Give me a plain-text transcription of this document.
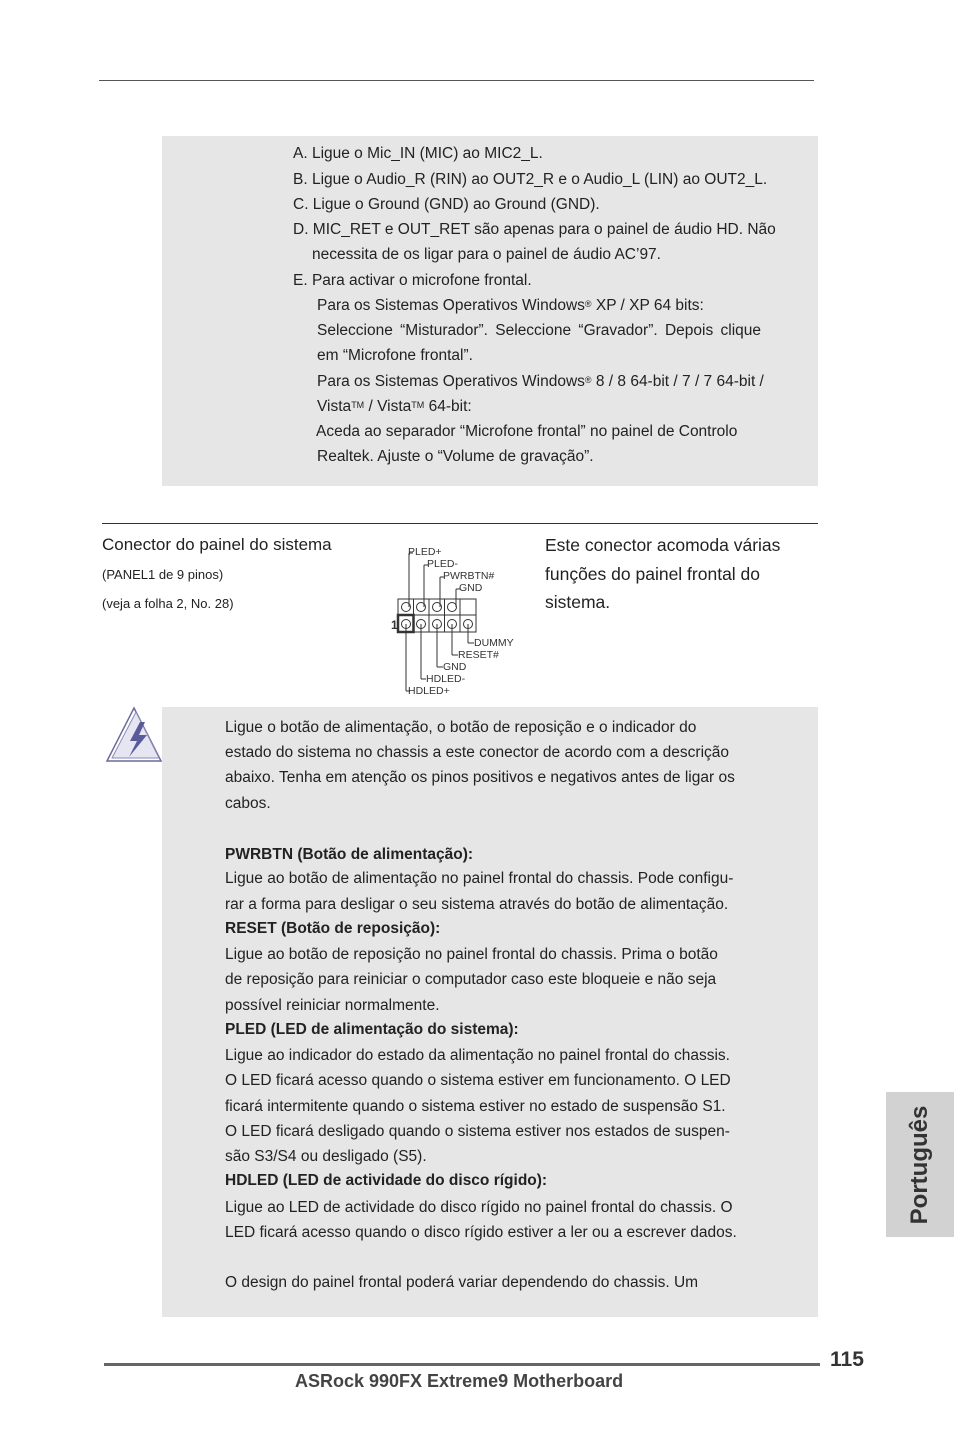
A. Ligue o Mic_IN (MIC) ao MIC2_L.
B. Ligue o Audio_R (RIN) ao OUT2_R e o Audio_L (LIN) ao OUT2_L.
C. Ligue o Ground (GND) ao Ground (GND).
D. MIC_RET e OUT_RET são apenas para o painel de áudio HD. Não
necessita de os ligar para o painel de áudio AC’97.
E. Para activar o microfone frontal.
Para os Sistemas Operativos Windows® XP / XP 64 bits:
Seleccione “Misturador”. Seleccione “Gravador”. Depois clique
em “Microfone frontal”.
Para os Sistemas Operativos Windows® 8 / 8 64-bit / 7 / 7 64-bit /
Vista™ / Vista™ 64-bit:
Aceda ao separador “Microfone frontal” no painel de Controlo
Realtek. Ajuste o “Volume de gravação”.
Conector do painel do sistema
(PANEL1 de 9 pinos)
(veja a folha 2, No. 28)
Este conector acomoda várias funções do painel frontal do sistema.
PLED+
PLED-
PWRBTN#
GND
DUMMY
RESET#
GND
HDLED-
HDLED+
1
Ligue o botão de alimentação, o botão de reposição e o indicador do
estado do sistema no chassis a este conector de acordo com a descrição
abaixo. Tenha em atenção os pinos positivos e negativos antes de ligar os
cabos.
PWRBTN (Botão de alimentação):
Ligue ao botão de alimentação no painel frontal do chassis. Pode configu-
rar a forma para desligar o seu sistema através do botão de alimentação.
RESET (Botão de reposição):
Ligue ao botão de reposição no painel frontal do chassis. Prima o botão
de reposição para reiniciar o computador caso este bloqueie e não seja
possível reiniciar normalmente.
PLED (LED de alimentação do sistema):
Ligue ao indicador do estado da alimentação no painel frontal do chassis.
O LED ficará acesso quando o sistema estiver em funcionamento. O LED
ficará intermitente quando o sistema estiver no estado de suspensão S1.
O LED ficará desligado quando o sistema estiver nos estados de suspen-
são S3/S4 ou desligado (S5).
HDLED (LED de actividade do disco rígido):
Ligue ao LED de actividade do disco rígido no painel frontal do chassis. O
LED ficará acesso quando o disco rígido estiver a ler ou a escrever dados.
O design do painel frontal poderá variar dependendo do chassis. Um
Português
115
ASRock 990FX Extreme9 Motherboard
